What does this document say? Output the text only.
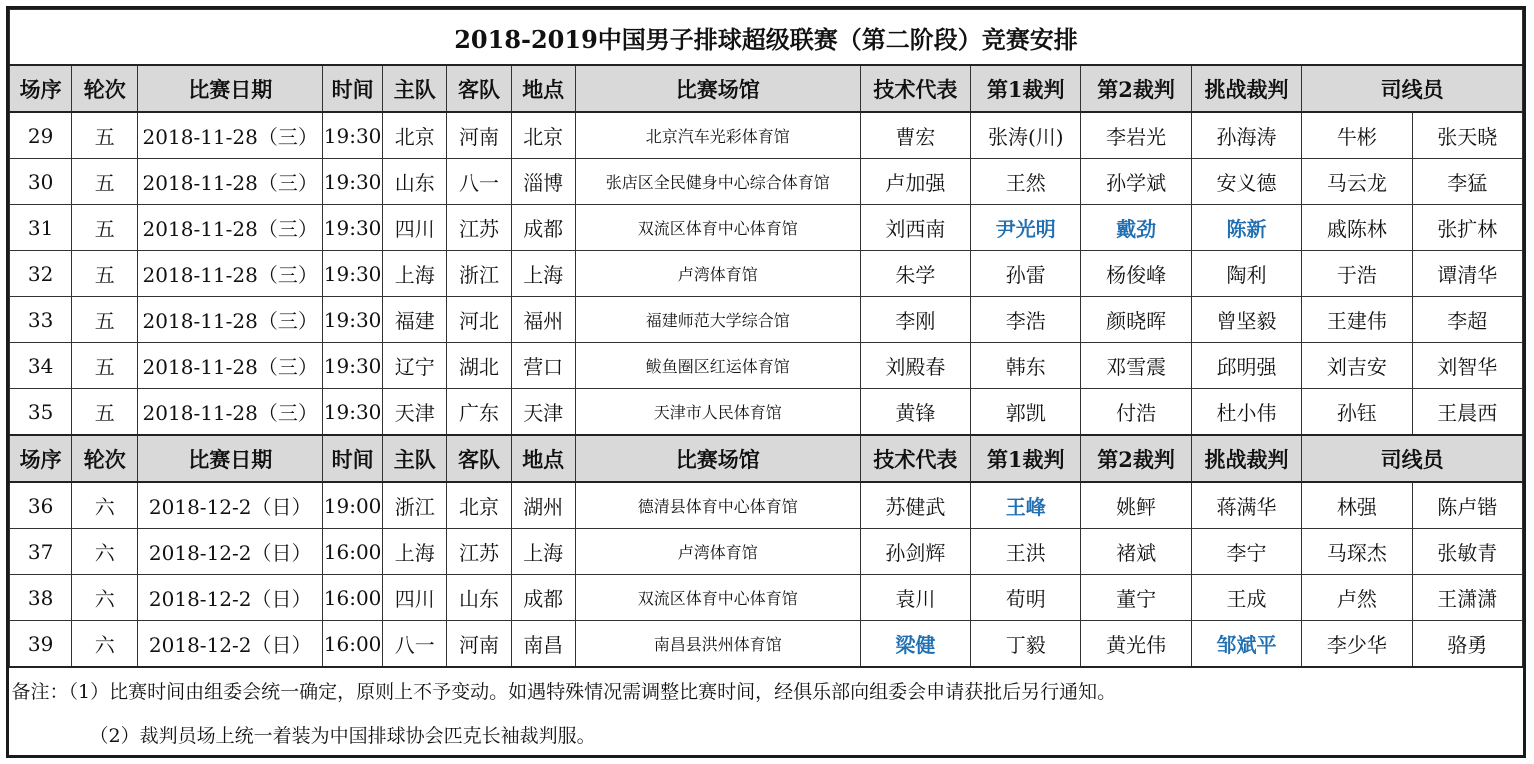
2018-2019中国男子排球超级联赛（第二阶段）竞赛安排													
场序	轮次	比赛日期	时间	主队	客队	地点	比赛场馆	技术代表	第1裁判	第2裁判	挑战裁判	司线员	
29	五	2018-11-28（三）	19:30	北京	河南	北京	北京汽车光彩体育馆	曹宏	张涛(川)	李岩光	孙海涛	牛彬	张天晓
30	五	2018-11-28（三）	19:30	山东	八一	淄博	张店区全民健身中心综合体育馆	卢加强	王然	孙学斌	安义德	马云龙	李猛
31	五	2018-11-28（三）	19:30	四川	江苏	成都	双流区体育中心体育馆	刘西南	尹光明	戴劲	陈新	戚陈林	张扩林
32	五	2018-11-28（三）	19:30	上海	浙江	上海	卢湾体育馆	朱学	孙雷	杨俊峰	陶利	于浩	谭清华
33	五	2018-11-28（三）	19:30	福建	河北	福州	福建师范大学综合馆	李刚	李浩	颜晓晖	曾坚毅	王建伟	李超
34	五	2018-11-28（三）	19:30	辽宁	湖北	营口	鲅鱼圈区红运体育馆	刘殿春	韩东	邓雪震	邱明强	刘吉安	刘智华
35	五	2018-11-28（三）	19:30	天津	广东	天津	天津市人民体育馆	黄锋	郭凯	付浩	杜小伟	孙钰	王晨西
场序	轮次	比赛日期	时间	主队	客队	地点	比赛场馆	技术代表	第1裁判	第2裁判	挑战裁判	司线员	
36	六	2018-12-2（日）	19:00	浙江	北京	湖州	德清县体育中心体育馆	苏健武	王峰	姚鲆	蒋满华	林强	陈卢锴
37	六	2018-12-2（日）	16:00	上海	江苏	上海	卢湾体育馆	孙剑辉	王洪	褚斌	李宁	马琛杰	张敏青
38	六	2018-12-2（日）	16:00	四川	山东	成都	双流区体育中心体育馆	袁川	荀明	董宁	王成	卢然	王潇潇
39	六	2018-12-2（日）	16:00	八一	河南	南昌	南昌县洪州体育馆	梁健	丁毅	黄光伟	邹斌平	李少华	骆勇
备注：（1）比赛时间由组委会统一确定，原则上不予变动。如遇特殊情况需调整比赛时间，经俱乐部向组委会申请获批后另行通知。													
（2）裁判员场上统一着装为中国排球协会匹克长袖裁判服。													
